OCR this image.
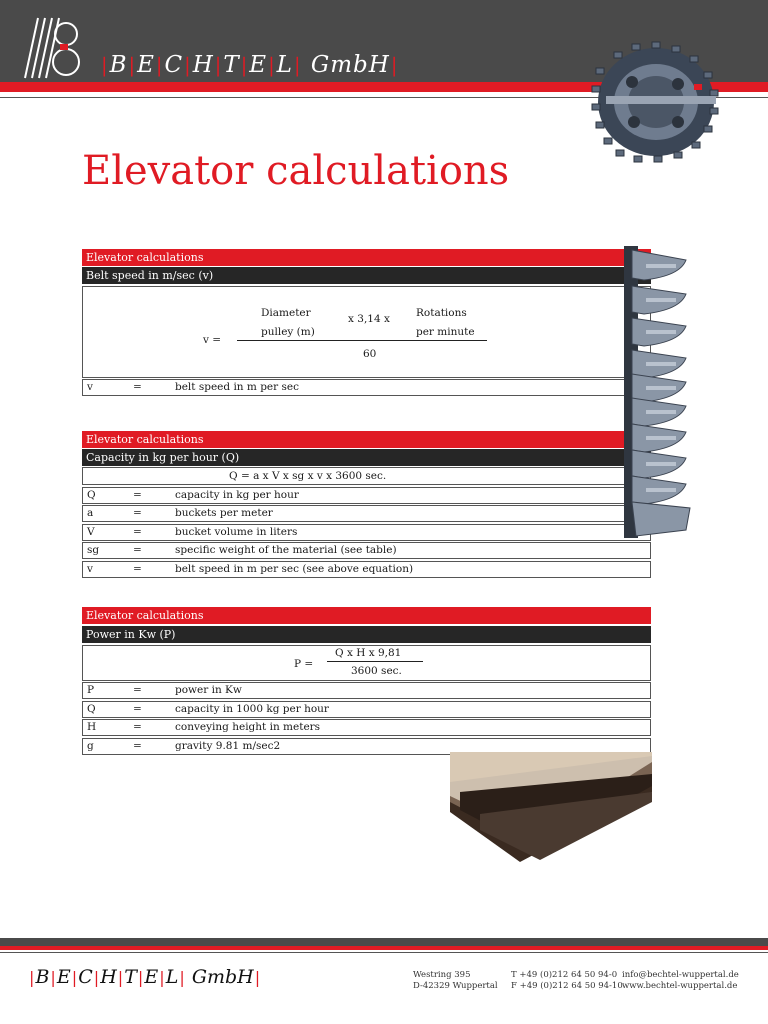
|B|E|C|H|T|E|L| GmbH|
Elevator calculations
Elevator calculations
Belt speed in m/sec (v)
v =
Diameter
pulley (m)
x 3,14 x Rotations
per minute
60
v	=	belt speed in m per sec
Elevator calculations
Capacity in kg per hour (Q)
Q = a x V x sg x v x 3600 sec.
Q	=	capacity in kg per hour
a	=	buckets per meter
V	=	bucket volume in liters
sg	=	specific weight of the material (see table)
v	=	belt speed in m per sec (see above equation)
Elevator calculations
Power in Kw (P)
P =
Q x H x 9,81
3600 sec.
P	=	power in Kw
Q	=	capacity in 1000 kg per hour
H	=	conveying height in meters
g	=	gravity 9.81 m/sec2
|B|E|C|H|T|E|L| GmbH|	Westring 395
D-42329 Wuppertal
T +49 (0)212 64 50 94-0
F +49 (0)212 64 50 94-10
info@bechtel-wuppertal.de
www.bechtel-wuppertal.de
